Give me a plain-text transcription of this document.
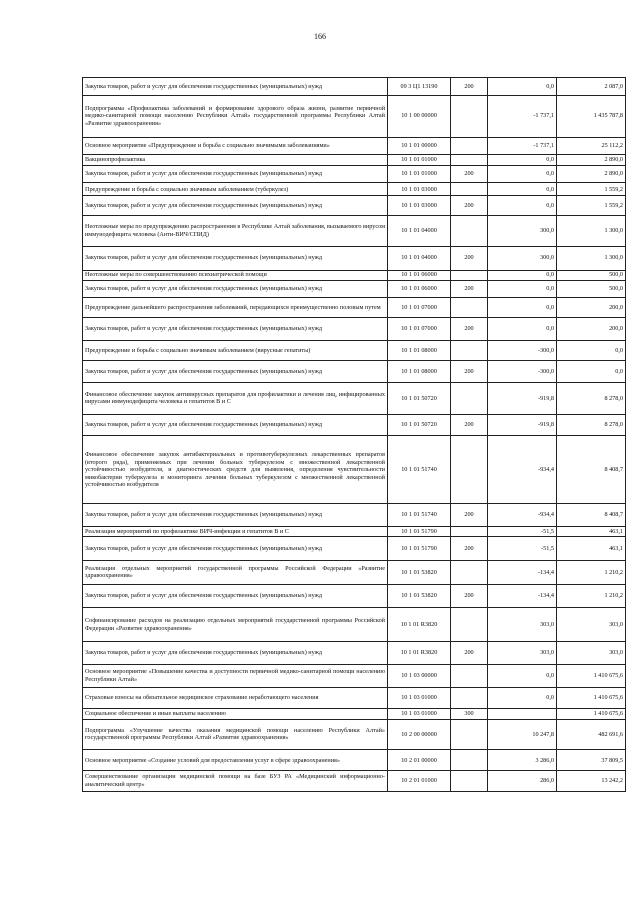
166
Закупка товаров, работ и услуг для обеспечения государственных (муниципальных) нужд	09 3 Ц1 13190	200	0,0	2 087,0
Подпрограмма «Профилактика заболеваний и формирование здорового образа жизни, развитие первичной медико-санитарной помощи населению Республики Алтай» государственной программы Республики Алтай «Развитие здравоохранения»	10 1 00 00000		-1 737,1	1 435 787,8
Основное мероприятие «Предупреждение и борьба с социально значимыми заболеваниями»	10 1 01 00000		-1 737,1	25 112,2
Вакцинопрофилактика	10 1 01 01000		0,0	2 890,0
Закупка товаров, работ и услуг для обеспечения государственных (муниципальных) нужд	10 1 01 01000	200	0,0	2 890,0
Предупреждение и борьба с социально значимым заболеванием (туберкулез)	10 1 01 03000		0,0	1 559,2
Закупка товаров, работ и услуг для обеспечения государственных (муниципальных) нужд	10 1 01 03000	200	0,0	1 559,2
Неотложные меры по предупреждению распространения в Республике Алтай заболевания, вызываемого вирусом иммунодефицита человека (Анти-ВИЧ/СПИД)	10 1 01 04000		300,0	1 300,0
Закупка товаров, работ и услуг для обеспечения государственных (муниципальных) нужд	10 1 01 04000	200	300,0	1 300,0
Неотложные меры по совершенствованию психиатрической помощи	10 1 01 06000		0,0	500,0
Закупка товаров, работ и услуг для обеспечения государственных (муниципальных) нужд	10 1 01 06000	200	0,0	500,0
Предупреждение дальнейшего распространения заболеваний, передающихся преимущественно половым путем	10 1 01 07000		0,0	200,0
Закупка товаров, работ и услуг для обеспечения государственных (муниципальных) нужд	10 1 01 07000	200	0,0	200,0
Предупреждение и борьба с социально значимым заболеванием (вирусные гепатиты)	10 1 01 08000		-300,0	0,0
Закупка товаров, работ и услуг для обеспечения государственных (муниципальных) нужд	10 1 01 08000	200	-300,0	0,0
Финансовое обеспечение закупок антивирусных препаратов для профилактики и лечения лиц, инфицированных вирусами иммунодефицита человека и гепатитов B и C	10 1 01 50720		-919,8	8 278,0
Закупка товаров, работ и услуг для обеспечения государственных (муниципальных) нужд	10 1 01 50720	200	-919,8	8 278,0
Финансовое обеспечение закупок антибактериальных и противотуберкулезных лекарственных препаратов (второго ряда), применяемых при лечении больных туберкулезом с множественной лекарственной устойчивостью возбудителя, и диагностических средств для выявления, определения чувствительности микобактерии туберкулеза и мониторинга лечения больных туберкулезом с множественной лекарственной устойчивостью возбудителя	10 1 01 51740		-934,4	8 408,7
Закупка товаров, работ и услуг для обеспечения государственных (муниципальных) нужд	10 1 01 51740	200	-934,4	8 408,7
Реализация мероприятий по профилактике ВИЧ-инфекции и гепатитов B и C	10 1 01 51790		-51,5	463,1
Закупка товаров, работ и услуг для обеспечения государственных (муниципальных) нужд	10 1 01 51790	200	-51,5	463,1
Реализация отдельных мероприятий государственной программы Российской Федерации «Развитие здравоохранения»	10 1 01 53820		-134,4	1 210,2
Закупка товаров, работ и услуг для обеспечения государственных (муниципальных) нужд	10 1 01 53820	200	-134,4	1 210,2
Софинансирование расходов на реализацию отдельных мероприятий государственной программы Российской Федерации «Развитие здравоохранения»	10 1 01 R3820		303,0	303,0
Закупка товаров, работ и услуг для обеспечения государственных (муниципальных) нужд	10 1 01 R3820	200	303,0	303,0
Основное мероприятие «Повышение качества и доступности первичной медико-санитарной помощи населению Республики Алтай»	10 1 03 00000		0,0	1 410 675,6
Страховые взносы на обязательное медицинское страхование неработающего населения	10 1 03 01000		0,0	1 410 675,6
Социальное обеспечение и иные выплаты населению	10 1 03 01000	300		1 410 675,6
Подпрограмма «Улучшение качества оказания медицинской помощи населению Республики Алтай» государственной программы Республики Алтай «Развитие здравоохранения»	10 2 00 00000		10 247,8	482 691,6
Основное мероприятие «Создание условий для предоставления услуг в сфере здравоохранения»	10 2 01 00000		3 286,0	37 809,5
Совершенствование организации медицинской помощи на базе БУЗ РА «Медицинский информационно-аналитический центр»	10 2 01 01000		286,0	13 242,2
